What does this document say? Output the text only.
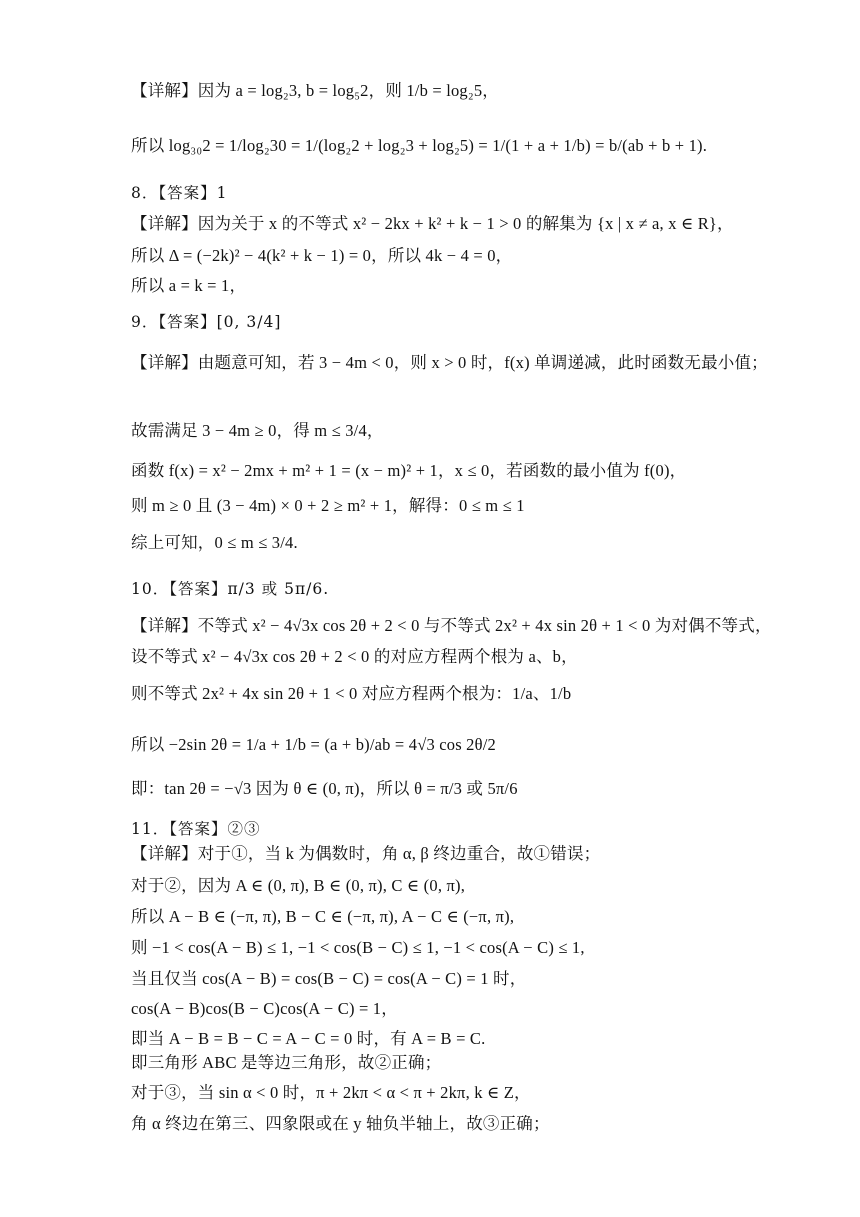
【详解】因为 a = log₂3, b = log₅2，则 1/b = log₂5，
所以 log₃₀2 = 1/log₂30 = 1/(log₂2 + log₂3 + log₂5) = 1/(1 + a + 1/b) = b/(ab + b + 1).
8．【答案】1
【详解】因为关于 x 的不等式 x² − 2kx + k² + k − 1 > 0 的解集为 {x | x ≠ a, x ∈ R}，
所以 Δ = (−2k)² − 4(k² + k − 1) = 0，所以 4k − 4 = 0，
所以 a = k = 1，
9．【答案】[0, 3/4]
【详解】由题意可知，若 3 − 4m < 0，则 x > 0 时，f(x) 单调递减，此时函数无最小值；
故需满足 3 − 4m ≥ 0，得 m ≤ 3/4，
函数 f(x) = x² − 2mx + m² + 1 = (x − m)² + 1，x ≤ 0，若函数的最小值为 f(0)，
则 m ≥ 0 且 (3 − 4m) × 0 + 2 ≥ m² + 1，解得：0 ≤ m ≤ 1
综上可知，0 ≤ m ≤ 3/4.
10．【答案】π/3 或 5π/6.
【详解】不等式 x² − 4√3x cos 2θ + 2 < 0 与不等式 2x² + 4x sin 2θ + 1 < 0 为对偶不等式，
设不等式 x² − 4√3x cos 2θ + 2 < 0 的对应方程两个根为 a、b，
则不等式 2x² + 4x sin 2θ + 1 < 0 对应方程两个根为：1/a、1/b
所以 −2sin 2θ = 1/a + 1/b = (a + b)/ab = 4√3 cos 2θ/2
即：tan 2θ = −√3 因为 θ ∈ (0, π)，所以 θ = π/3 或 5π/6
11．【答案】②③
【详解】对于①，当 k 为偶数时，角 α, β 终边重合，故①错误；
对于②，因为 A ∈ (0, π), B ∈ (0, π), C ∈ (0, π),
所以 A − B ∈ (−π, π), B − C ∈ (−π, π), A − C ∈ (−π, π),
则 −1 < cos(A − B) ≤ 1, −1 < cos(B − C) ≤ 1, −1 < cos(A − C) ≤ 1,
当且仅当 cos(A − B) = cos(B − C) = cos(A − C) = 1 时，
cos(A − B)cos(B − C)cos(A − C) = 1，
即当 A − B = B − C = A − C = 0 时，有 A = B = C.
即三角形 ABC 是等边三角形，故②正确；
对于③，当 sin α < 0 时，π + 2kπ < α < π + 2kπ, k ∈ Z，
角 α 终边在第三、四象限或在 y 轴负半轴上，故③正确；
